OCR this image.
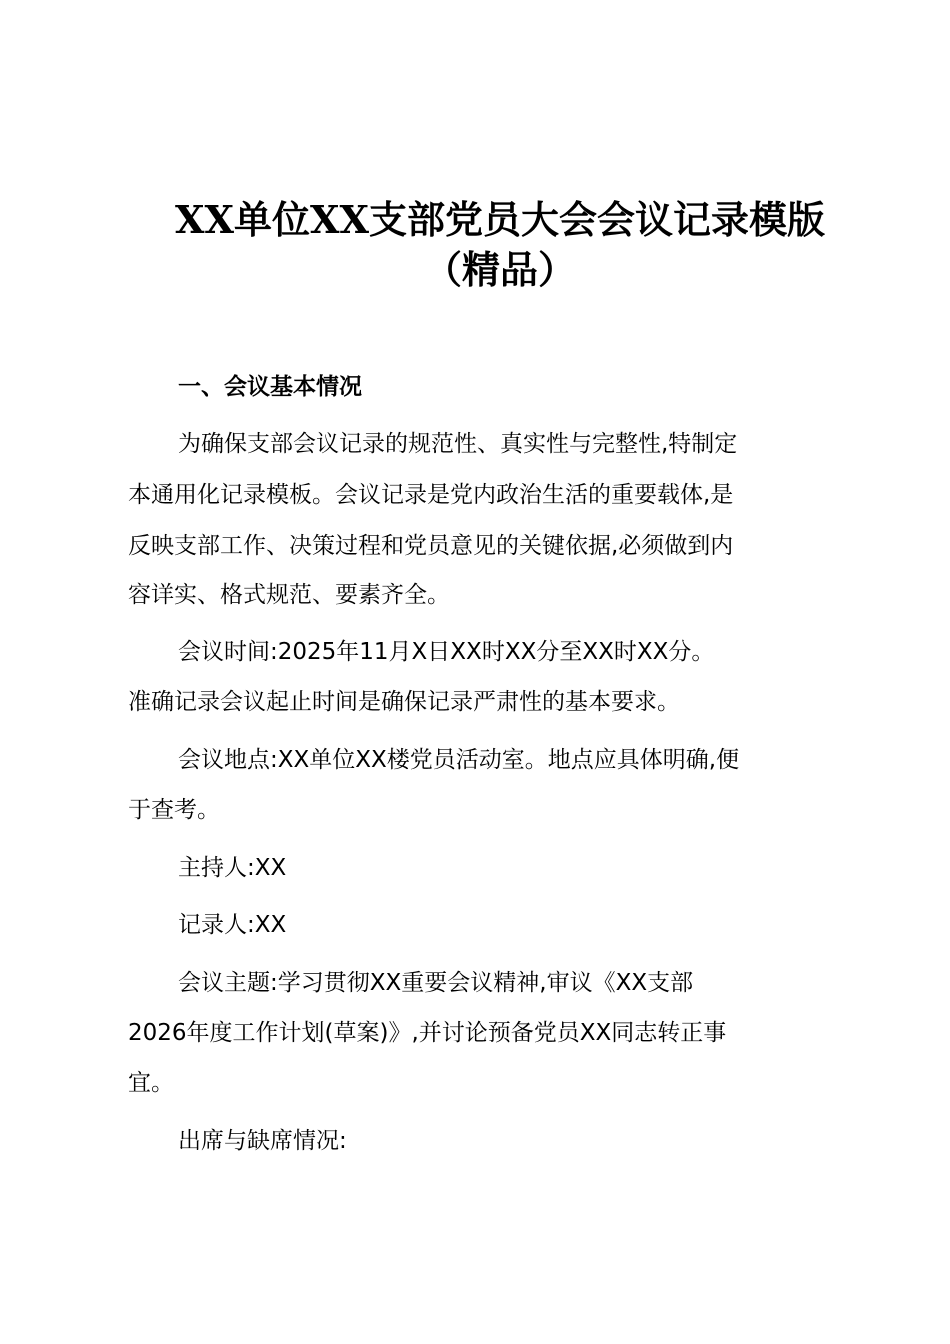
XX单位XX支部党员大会会议记录模版
（精品）
一、会议基本情况
为确保支部会议记录的规范性、真实性与完整性,特制定
本通用化记录模板。会议记录是党内政治生活的重要载体,是
反映支部工作、决策过程和党员意见的关键依据,必须做到内
容详实、格式规范、要素齐全。
会议时间:2025年11月X日XX时XX分至XX时XX分。
准确记录会议起止时间是确保记录严肃性的基本要求。
会议地点:XX单位XX楼党员活动室。地点应具体明确,便
于查考。
主持人:XX
记录人:XX
会议主题:学习贯彻XX重要会议精神,审议《XX支部
2026年度工作计划(草案)》,并讨论预备党员XX同志转正事
宜。
出席与缺席情况:
